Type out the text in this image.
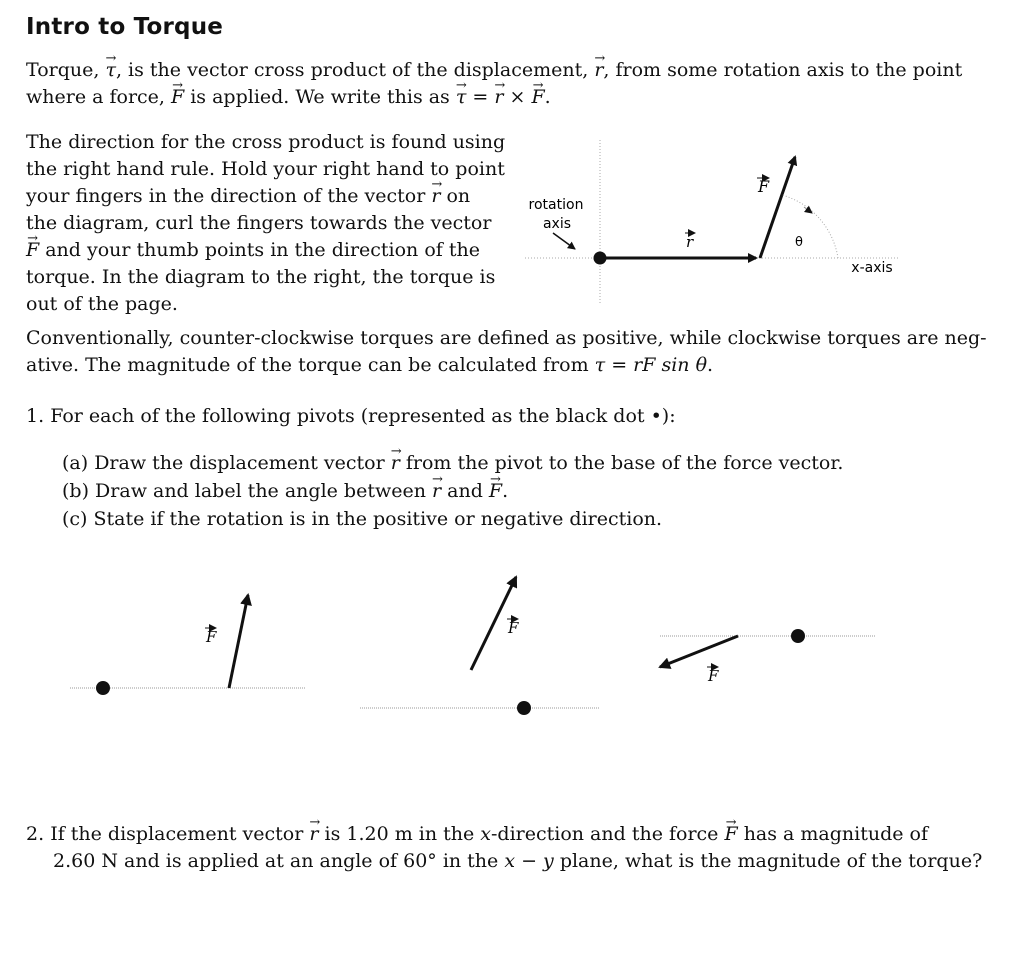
Intro to Torque
Torque, τ →, is the vector cross product of the displacement, r →, from some rotation axis to the point
where a force, F → is applied. We write this as τ → = r → × F →.
The direction for the cross product is found using
the right hand rule. Hold your right hand to point
your fingers in the direction of the vector r → on
the diagram, curl the fingers towards the vector
F → and your thumb points in the direction of the
torque. In the diagram to the right, the torque is
out of the page.
rotation
axis
r
F
θ
x-axis
Conventionally, counter-clockwise torques are defined as positive, while clockwise torques are neg-
ative. The magnitude of the torque can be calculated from τ = rF sin θ.
1. For each of the following pivots (represented as the black dot •):
(a) Draw the displacement vector r → from the pivot to the base of the force vector.
(b) Draw and label the angle between r → and F →.
(c) State if the rotation is in the positive or negative direction.
F	F
F
2. If the displacement vector r → is 1.20 m in the x-direction and the force F → has a magnitude of
2.60 N and is applied at an angle of 60° in the x − y plane, what is the magnitude of the torque?
